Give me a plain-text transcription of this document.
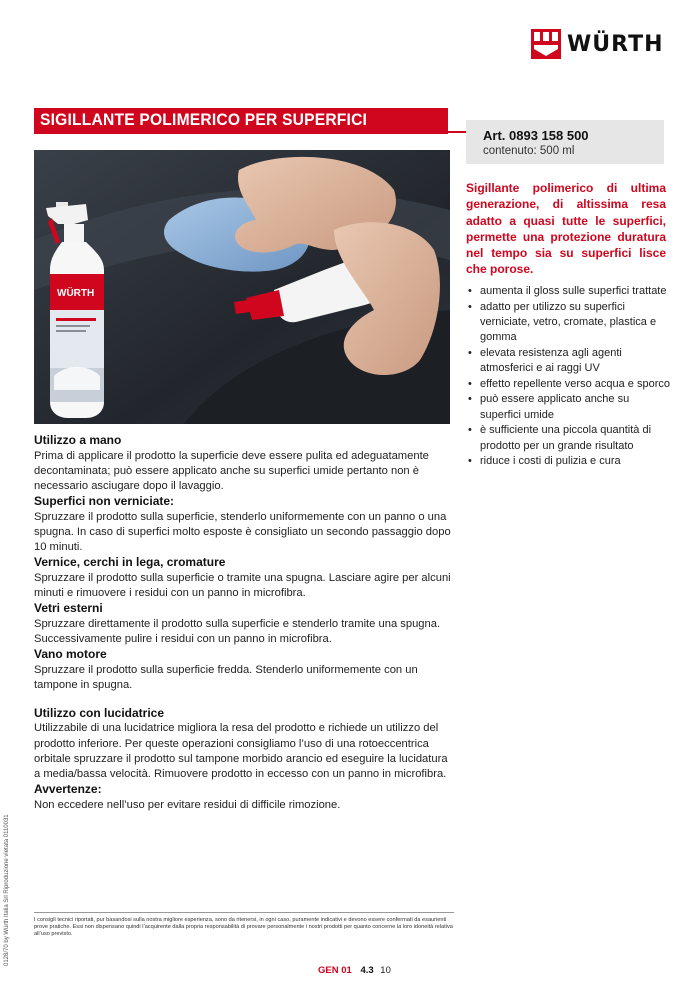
WÜRTH
SIGILLANTE POLIMERICO PER SUPERFICI
Art. 0893 158 500
contenuto: 500 ml
WÜRTH
Sigillante polimerico di ultima generazione, di altissima resa adatto a quasi tutte le superfici, permette una protezione duratura nel tempo sia su superfici lisce che porose.
• aumenta il gloss sulle superfici trattate
• adatto per utilizzo su superfici verniciate, vetro, cromate, plastica e gomma
• elevata resistenza agli agenti atmosferici e ai raggi UV
• effetto repellente verso acqua e sporco
• può essere applicato anche su superfici umide
• è sufficiente una piccola quantità di prodotto per un grande risultato
• riduce i costi di pulizia e cura
Utilizzo a mano

Prima di applicare il prodotto la superficie deve essere pulita ed adeguatamente decontaminata; può essere applicato anche su superfici umide pertanto non è necessario asciugare dopo il lavaggio.

Superfici non verniciate:

Spruzzare il prodotto sulla superficie, stenderlo uniformemente con un panno o una spugna. In caso di superfici molto esposte è consigliato un secondo passaggio dopo 10 minuti.

Vernice, cerchi in lega, cromature

Spruzzare il prodotto sulla superficie o tramite una spugna. Lasciare agire per alcuni minuti e rimuovere i residui con un panno in microfibra.

Vetri esterni

Spruzzare direttamente il prodotto sulla superficie e stenderlo tramite una spugna. Successivamente pulire i residui con un panno in microfibra.

Vano motore

Spruzzare il prodotto sulla superficie fredda. Stenderlo uniformemente con un tampone in spugna.

Utilizzo con lucidatrice

Utilizzabile di una lucidatrice migliora la resa del prodotto e richiede un utilizzo del prodotto inferiore. Per queste operazioni consigliamo l’uso di una rotoeccentrica orbitale spruzzare il prodotto sul tampone morbido arancio ed eseguire la lucidatura a media/bassa velocità. Rimuovere prodotto in eccesso con un panno in microfibra.

Avvertenze:

Non eccedere nell’uso per evitare residui di difficile rimozione.

0128/70 by Würth Italia Srl Riproduzione vietata 0110031	I consigli tecnici riportati, pur basandosi sulla nostra migliore esperienza, sono da ritenersi, in ogni caso, puramente indicativi e devono essere confermati da esaurienti prove pratiche. Essi non dispensano quindi l’acquirente dalla propria responsabilità di provare personalmente i nostri prodotti per quanto concerne la loro idoneità relativa all’uso previsto.
GEN 01 4.3 10
